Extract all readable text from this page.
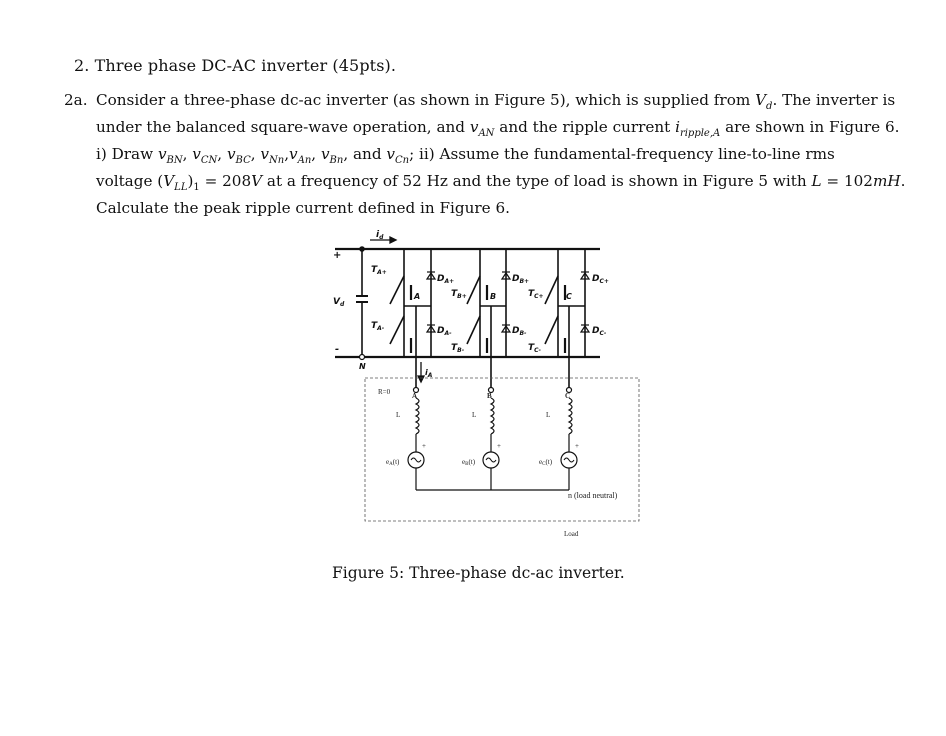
2. Three phase DC-AC inverter (45pts).
2a. Consider a three-phase dc-ac inverter (as shown in Figure 5), which is supplied from $V_d$. The inverter is
under the balanced square-wave operation, and $v_{AN}$ and the ripple current $i_{ripple,A}$ are shown in Figure 6.
i) Draw $v_{BN}$, $v_{CN}$, $v_{BC}$, $v_{Nn},v_{An}$, $v_{Bn}$, and $v_{Cn}$; ii) Assume the fundamental-frequency line-to-line rms
voltage $(V_{LL})_1 = 208V$ at a frequency of 52 Hz and the type of load is shown in Figure 5 with L = 102mH.
Calculate the peak ripple current defined in Figure 6.
$i_d$
+
-
$V_d$
N
$T_{A+}$
$T_{A-}$
$D_{A+}$
$D_{A-}$
$T_{B+}$
$T_{B-}$
$D_{B+}$
$D_{B-}$
$T_{C+}$
$T_{C-}$
$D_{C+}$
$D_{C-}$
A	B	C
$i_A$
R=0	A	B	C
L	L	L
+	+	+
eA(t)	eB(t)	eC(t)
n (load neutral)
Load
Figure 5: Three-phase dc-ac inverter.
